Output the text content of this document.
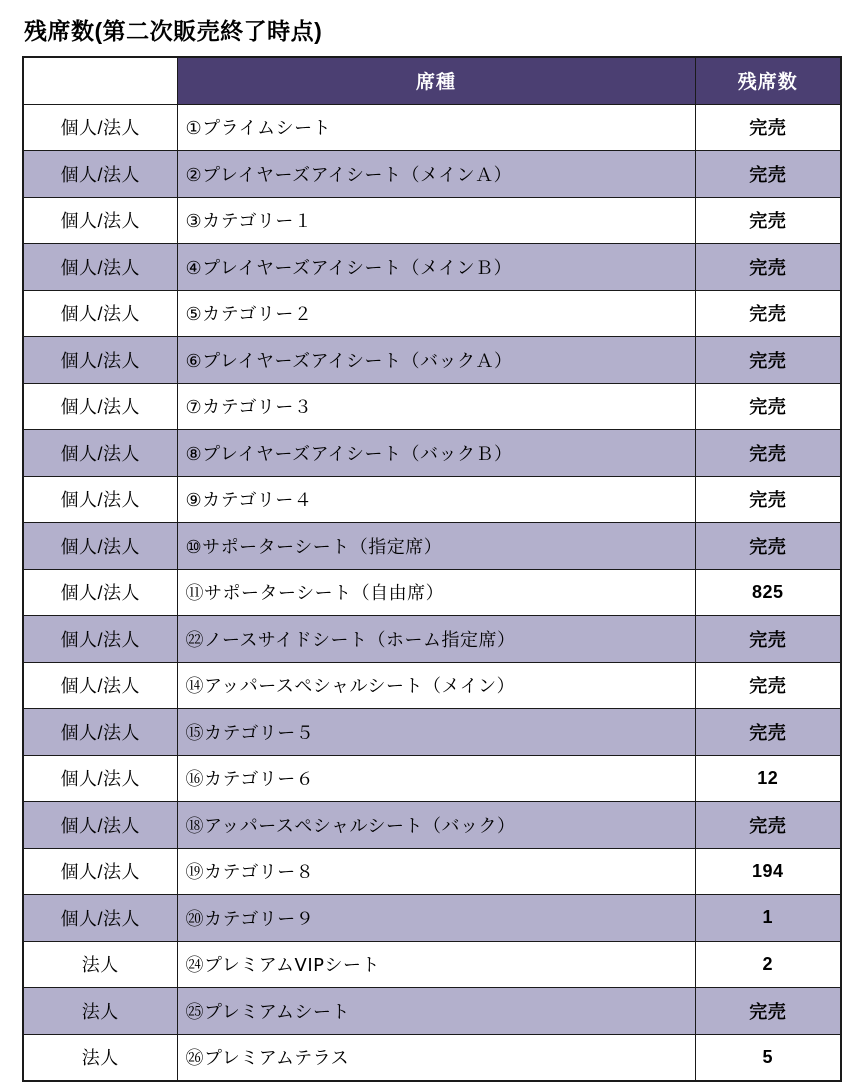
残席数(第二次販売終了時点)
	席種	残席数
個人/法人	①プライムシート	完売
個人/法人	②プレイヤーズアイシート（メインＡ）	完売
個人/法人	③カテゴリー１	完売
個人/法人	④プレイヤーズアイシート（メインＢ）	完売
個人/法人	⑤カテゴリー２	完売
個人/法人	⑥プレイヤーズアイシート（バックＡ）	完売
個人/法人	⑦カテゴリー３	完売
個人/法人	⑧プレイヤーズアイシート（バックＢ）	完売
個人/法人	⑨カテゴリー４	完売
個人/法人	⑩サポーターシート（指定席）	完売
個人/法人	⑪サポーターシート（自由席）	825
個人/法人	㉒ノースサイドシート（ホーム指定席）	完売
個人/法人	⑭アッパースペシャルシート（メイン）	完売
個人/法人	⑮カテゴリー５	完売
個人/法人	⑯カテゴリー６	12
個人/法人	⑱アッパースペシャルシート（バック）	完売
個人/法人	⑲カテゴリー８	194
個人/法人	⑳カテゴリー９	1
法人	㉔プレミアムVIPシート	2
法人	㉕プレミアムシート	完売
法人	㉖プレミアムテラス	5
